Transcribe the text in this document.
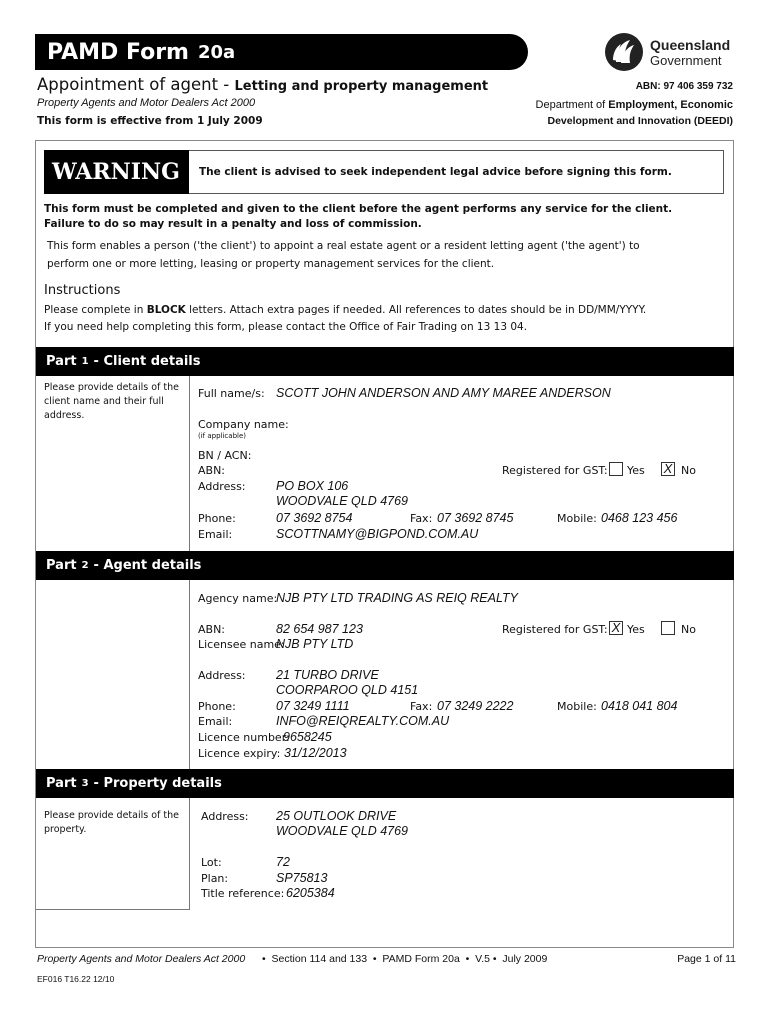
PAMD Form 20a	Queensland
Government
Appointment of agent - Letting and property management	ABN: 97 406 359 732
Property Agents and Motor Dealers Act 2000	Department of Employment, Economic
This form is effective from 1 July 2009	Development and Innovation (DEEDI)
WARNING	The client is advised to seek independent legal advice before signing this form.
This form must be completed and given to the client before the agent performs any service for the client.
Failure to do so may result in a penalty and loss of commission.
This form enables a person ('the client') to appoint a real estate agent or a resident letting agent ('the agent') to
perform one or more letting, leasing or property management services for the client.
Instructions
Please complete in BLOCK letters. Attach extra pages if needed. All references to dates should be in DD/MM/YYYY.
If you need help completing this form, please contact the Office of Fair Trading on 13 13 04.
Part 1 - Client details
Please provide details of the client name and their full address.
Full name/s: SCOTT JOHN ANDERSON AND AMY MAREE ANDERSON
Company name:
(if applicable)
BN / ACN:
ABN:	Registered for GST: Yes X No
Address: PO BOX 106
WOODVALE QLD 4769
Phone:	07 3692 8754	Fax: 07 3692 8745	Mobile: 0468 123 456
Email:	SCOTTNAMY@BIGPOND.COM.AU
Part 2 - Agent details
Agency name:
NJB PTY LTD TRADING AS REIQ REALTY
ABN:	82 654 987 123	Registered for GST: X Yes	No
Licensee name:
NJB PTY LTD
Address: 21 TURBO DRIVE
COORPAROO QLD 4151
Phone:	07 3249 1111	Fax: 07 3249 2222	Mobile: 0418 041 804
Email:	INFO@REIQREALTY.COM.AU
Licence number:
9658245
Licence expiry: 31/12/2013
Part 3 - Property details
Please provide details of the property.
Address: 25 OUTLOOK DRIVE
WOODVALE QLD 4769
Lot:	72
Plan:	SP75813
Title reference: 6205384
Property Agents and Motor Dealers Act 2000 •  Section 114 and 133  •  PAMD Form 20a  •  V.5 •  July 2009	Page 1 of 11
EF016 T16.22 12/10
